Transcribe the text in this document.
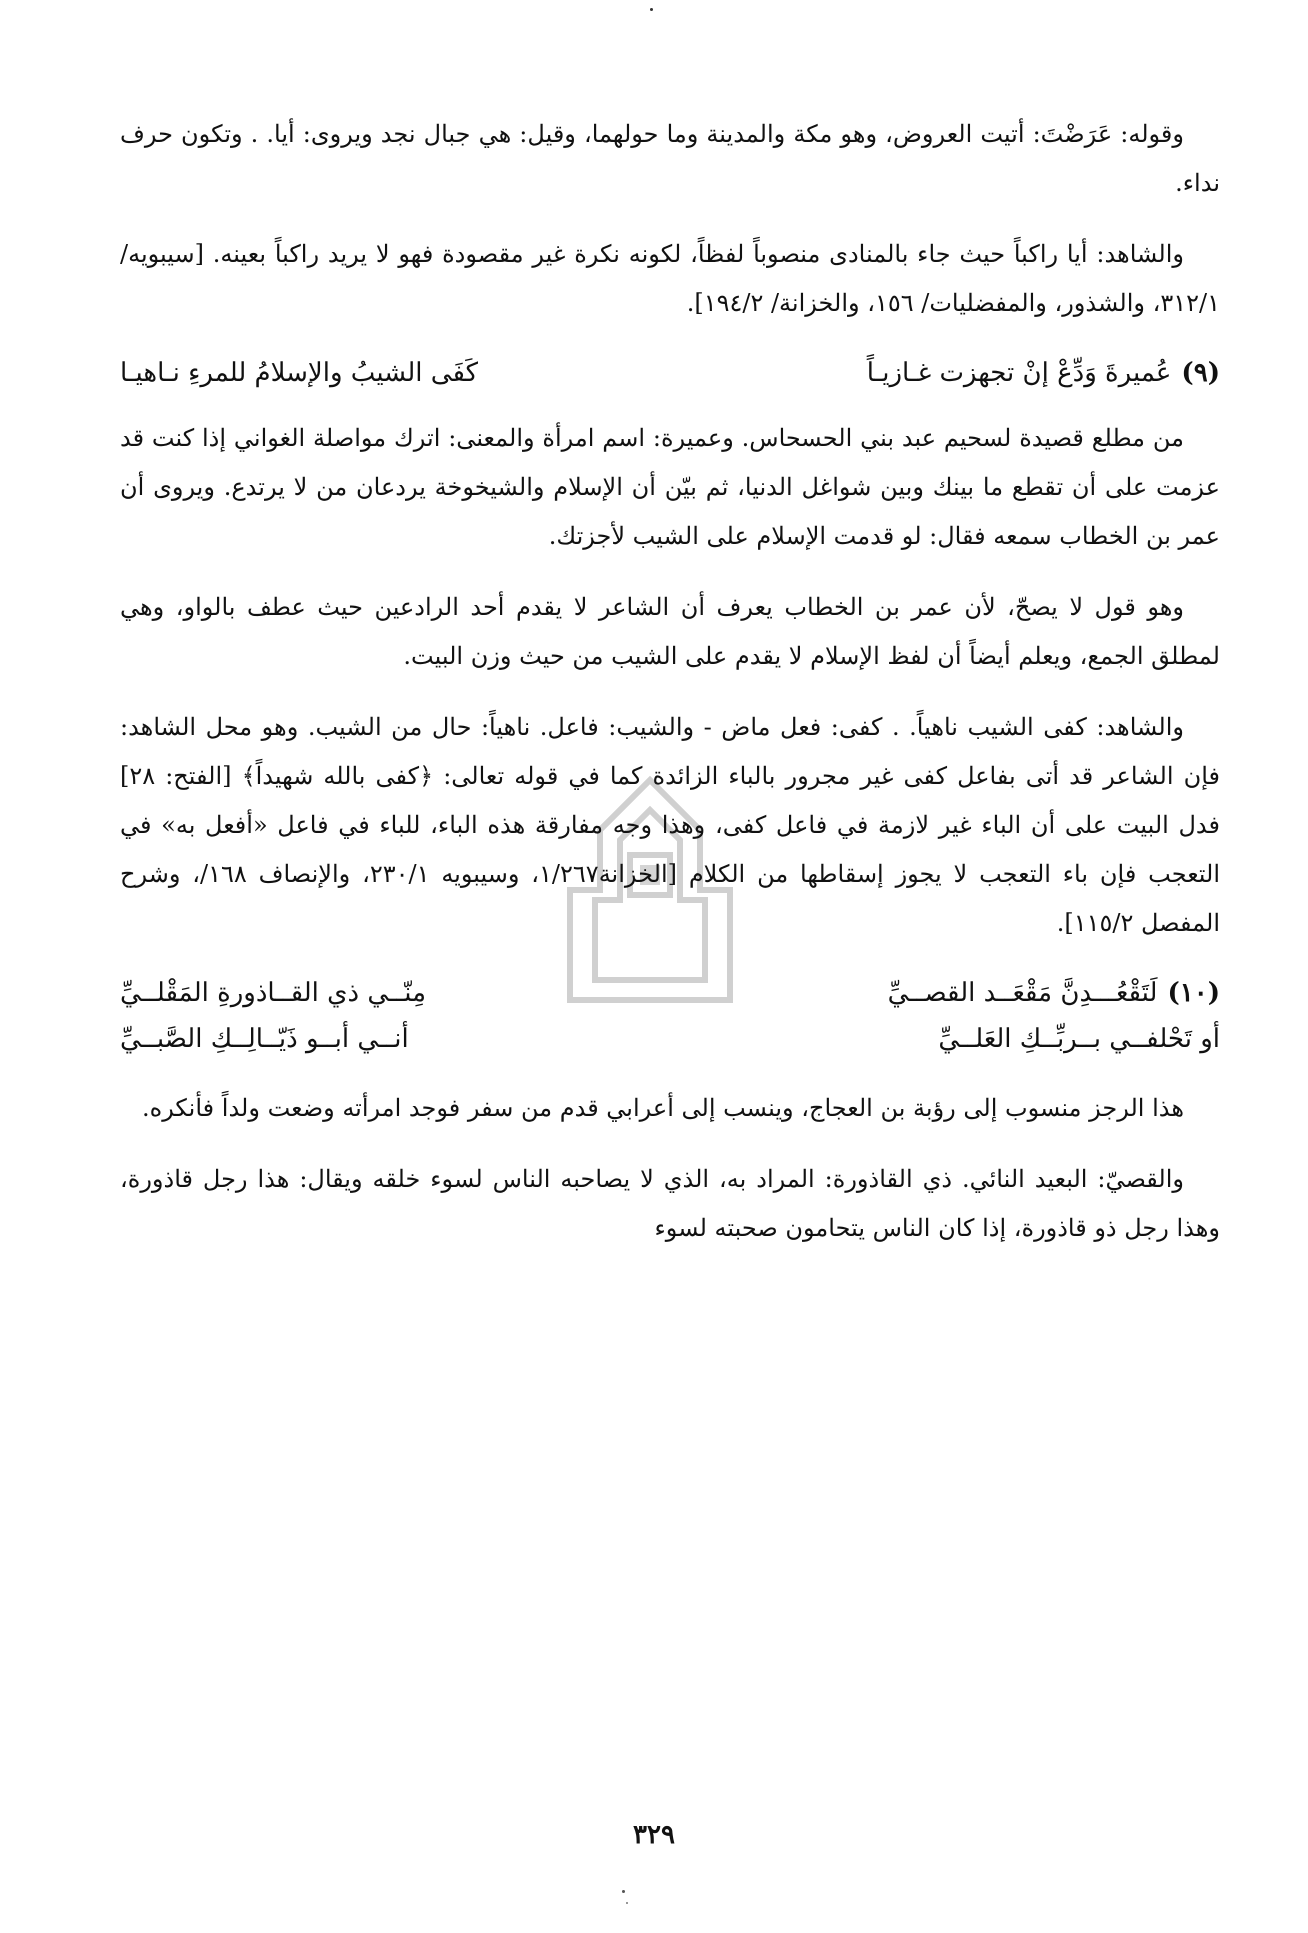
وقوله: عَرَضْتَ: أتيت العروض، وهو مكة والمدينة وما حولهما، وقيل: هي جبال نجد ويروى: أيا. . وتكون حرف نداء.

والشاهد: أيا راكباً حيث جاء بالمنادى منصوباً لفظاً، لكونه نكرة غير مقصودة فهو لا يريد راكباً بعينه. [سيبويه/ ٣١٢/١، والشذور، والمفضليات/ ١٥٦، والخزانة/ ١٩٤/٢].

(٩)عُميرةَ وَدِّعْ إنْ تجهزت غـازيـاً
كَفَى الشيبُ والإسلامُ للمرءِ نـاهيـا

من مطلع قصيدة لسحيم عبد بني الحسحاس. وعميرة: اسم امرأة والمعنى: اترك مواصلة الغواني إذا كنت قد عزمت على أن تقطع ما بينك وبين شواغل الدنيا، ثم بيّن أن الإسلام والشيخوخة يردعان من لا يرتدع. ويروى أن عمر بن الخطاب سمعه فقال: لو قدمت الإسلام على الشيب لأجزتك.

وهو قول لا يصحّ، لأن عمر بن الخطاب يعرف أن الشاعر لا يقدم أحد الرادعين حيث عطف بالواو، وهي لمطلق الجمع، ويعلم أيضاً أن لفظ الإسلام لا يقدم على الشيب من حيث وزن البيت.

والشاهد: كفى الشيب ناهياً. . كفى: فعل ماض - والشيب: فاعل. ناهياً: حال من الشيب. وهو محل الشاهد: فإن الشاعر قد أتى بفاعل كفى غير مجرور بالباء الزائدة كما في قوله تعالى: ﴿كفى بالله شهيداً﴾ [الفتح: ٢٨] فدل البيت على أن الباء غير لازمة في فاعل كفى، وهذا وجه مفارقة هذه الباء، للباء في فاعل «أفعل به» في التعجب فإن باء التعجب لا يجوز إسقاطها من الكلام [الخزانة١/٢٦٧، وسيبويه ٢٣٠/١، والإنصاف ١٦٨/، وشرح المفصل ١١٥/٢].

(١٠)لَتَقْعُـــدِنَّ مَقْعَــد القصــيِّ
مِنّــي ذي القــاذورةِ المَقْلــيِّ
أو تَحْلفــي بــربِّــكِ العَلــيِّ
أنــي أبــو ذَيّــالِــكِ الصَّبــيِّ

هذا الرجز منسوب إلى رؤبة بن العجاج، وينسب إلى أعرابي قدم من سفر فوجد امرأته وضعت ولداً فأنكره.

والقصيّ: البعيد النائي. ذي القاذورة: المراد به، الذي لا يصاحبه الناس لسوء خلقه ويقال: هذا رجل قاذورة، وهذا رجل ذو قاذورة، إذا كان الناس يتحامون صحبته لسوء

٣٢٩
